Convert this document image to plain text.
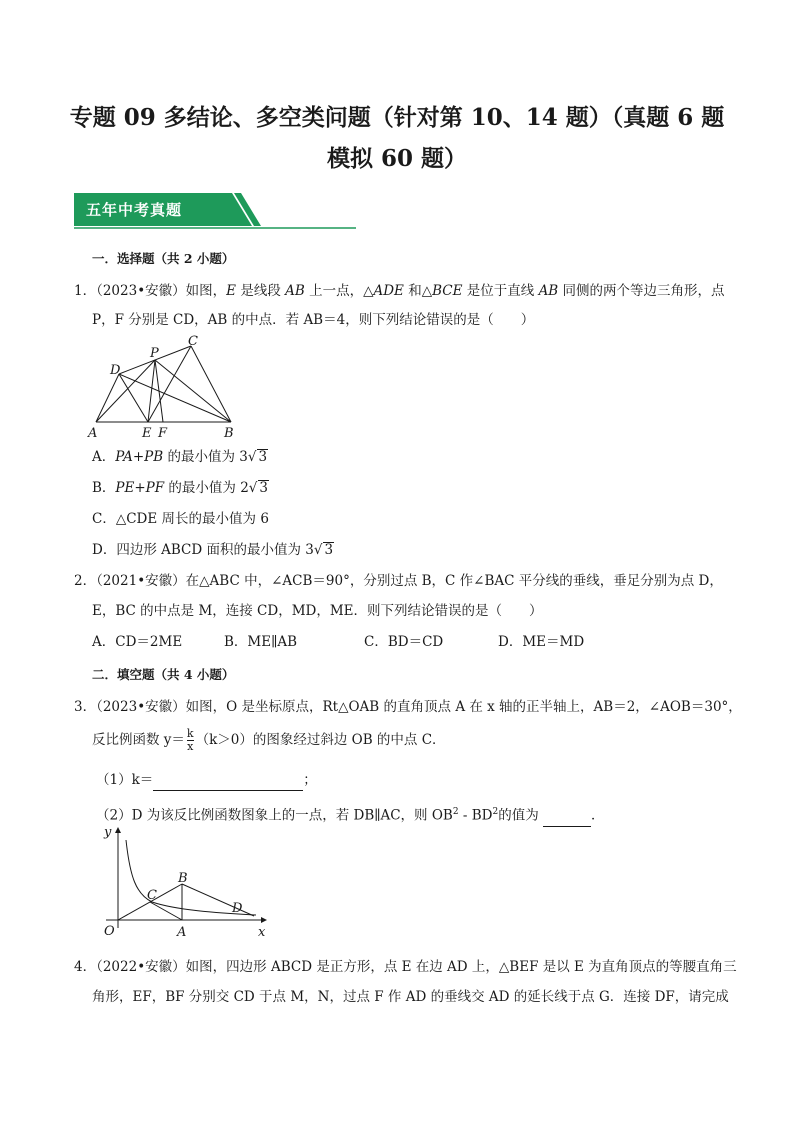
专题 09 多结论、多空类问题（针对第 10、14 题）（真题 6 题
模拟 60 题）
五年中考真题
一．选择题（共 2 小题）
1．（2023•安徽）如图，E 是线段 AB 上一点，△ADE 和△BCE 是位于直线 AB 同侧的两个等边三角形，点
P，F 分别是 CD，AB 的中点．若 AB＝4，则下列结论错误的是（　　）
A	B
C
D
E F
P
A．PA+PB 的最小值为 3√ 3
B．PE+PF 的最小值为 2√ 3
C．△CDE 周长的最小值为 6
D．四边形 ABCD 面积的最小值为 3√ 3
2．（2021•安徽）在△ABC 中，∠ACB＝90°，分别过点 B，C 作∠BAC 平分线的垂线，垂足分别为点 D，
E，BC 的中点是 M，连接 CD，MD，ME．则下列结论错误的是（　　）
A．CD＝2ME	B．ME∥AB	C．BD＝CD	D．ME＝MD
二．填空题（共 4 小题）
3．（2023•安徽）如图，O 是坐标原点，Rt△OAB 的直角顶点 A 在 x 轴的正半轴上，AB＝2，∠AOB＝30°，
反比例函数 $y= \frac{k}{x} (k>0)$的图象经过斜边 OB 的中点 C．
（1）k＝	；
（2）D 为该反比例函数图象上的一点，若 DB∥AC，则 $OB^2 - BD^2$的值为	．
y
x
O	A
B
C
D
4．（2022•安徽）如图，四边形 ABCD 是正方形，点 E 在边 AD 上，△BEF 是以 E 为直角顶点的等腰直角三
角形，EF，BF 分别交 CD 于点 M，N，过点 F 作 AD 的垂线交 AD 的延长线于点 G．连接 DF，请完成
